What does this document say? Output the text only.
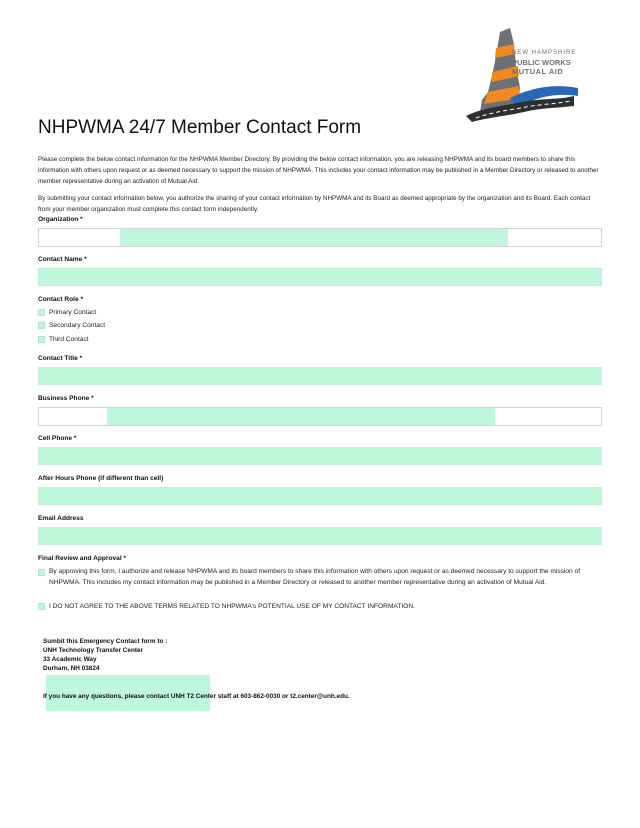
NEW HAMPSHIRE
PUBLIC WORKS
MUTUAL AID
NHPWMA 24/7 Member Contact Form
Please complete the below contact information for the NHPWMA Member Directory. By providing the below contact information, you are releasing NHPWMA and its board members to share this information with others upon request or as deemed necessary to support the mission of NHPWMA. This includes your contact information may be published in a Member Directory or released to another member representative during an activation of Mutual Aid.
By submitting your contact information below, you authorize the sharing of your contact information by NHPWMA and its Board as deemed appropriate by the organization and its Board. Each contact from your member organization must complete this contact form independently.
Organization *
Contact Name *
Contact Role *
Primary Contact
Secondary Contact
Third Contact
Contact Title *
Business Phone *
Cell Phone *
After Hours Phone (if different than cell)
Email Address
Final Review and Approval *
By approving this form, I authorize and release NHPWMA and its board members to share this information with others upon request or as deemed necessary to support the mission of NHPWMA. This includes my contact information may be published in a Member Directory or released to another member representative during an activation of Mutual Aid.
I DO NOT AGREE TO THE ABOVE TERMS RELATED TO NHPWMA's POTENTIAL USE OF MY CONTACT INFORMATION.
Sumbit this Emergency Contact form to :
UNH Technology Transfer Center
33 Academic Way
Durham, NH 03824
If you have any questions, please contact UNH T2 Center staff at 603-862-0030 or t2.center@unh.edu.
